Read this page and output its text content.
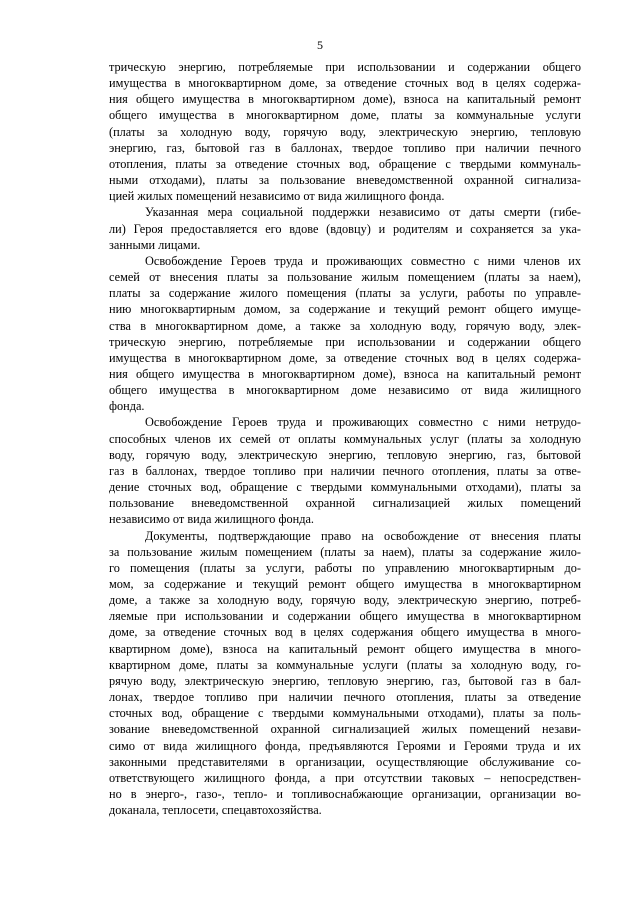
5

трическую энергию, потребляемые при использовании и содержании общего
имущества в многоквартирном доме, за отведение сточных вод в целях содержа-
ния общего имущества в многоквартирном доме), взноса на капитальный ремонт
общего имущества в многоквартирном доме, платы за коммунальные услуги
(платы за холодную воду, горячую воду, электрическую энергию, тепловую
энергию, газ, бытовой газ в баллонах, твердое топливо при наличии печного
отопления, платы за отведение сточных вод, обращение с твердыми коммуналь-
ными отходами), платы за пользование вневедомственной охранной сигнализа-
цией жилых помещений независимо от вида жилищного фонда.

Указанная мера социальной поддержки независимо от даты смерти (гибе-
ли) Героя предоставляется его вдове (вдовцу) и родителям и сохраняется за ука-
занными лицами.

Освобождение Героев труда и проживающих совместно с ними членов их
семей от внесения платы за пользование жилым помещением (платы за наем),
платы за содержание жилого помещения (платы за услуги, работы по управле-
нию многоквартирным домом, за содержание и текущий ремонт общего имуще-
ства в многоквартирном доме, а также за холодную воду, горячую воду, элек-
трическую энергию, потребляемые при использовании и содержании общего
имущества в многоквартирном доме, за отведение сточных вод в целях содержа-
ния общего имущества в многоквартирном доме), взноса на капитальный ремонт
общего имущества в многоквартирном доме независимо от вида жилищного
фонда.

Освобождение Героев труда и проживающих совместно с ними нетрудо-
способных членов их семей от оплаты коммунальных услуг (платы за холодную
воду, горячую воду, электрическую энергию, тепловую энергию, газ, бытовой
газ в баллонах, твердое топливо при наличии печного отопления, платы за отве-
дение сточных вод, обращение с твердыми коммунальными отходами), платы за
пользование вневедомственной охранной сигнализацией жилых помещений
независимо от вида жилищного фонда.

Документы, подтверждающие право на освобождение от внесения платы
за пользование жилым помещением (платы за наем), платы за содержание жило-
го помещения (платы за услуги, работы по управлению многоквартирным до-
мом, за содержание и текущий ремонт общего имущества в многоквартирном
доме, а также за холодную воду, горячую воду, электрическую энергию, потреб-
ляемые при использовании и содержании общего имущества в многоквартирном
доме, за отведение сточных вод в целях содержания общего имущества в много-
квартирном доме), взноса на капитальный ремонт общего имущества в много-
квартирном доме, платы за коммунальные услуги (платы за холодную воду, го-
рячую воду, электрическую энергию, тепловую энергию, газ, бытовой газ в бал-
лонах, твердое топливо при наличии печного отопления, платы за отведение
сточных вод, обращение с твердыми коммунальными отходами), платы за поль-
зование вневедомственной охранной сигнализацией жилых помещений незави-
симо от вида жилищного фонда, предъявляются Героями и Героями труда и их
законными представителями в организации, осуществляющие обслуживание со-
ответствующего жилищного фонда, а при отсутствии таковых – непосредствен-
но в энерго-, газо-, тепло- и топливоснабжающие организации, организации во-
доканала, теплосети, спецавтохозяйства.
